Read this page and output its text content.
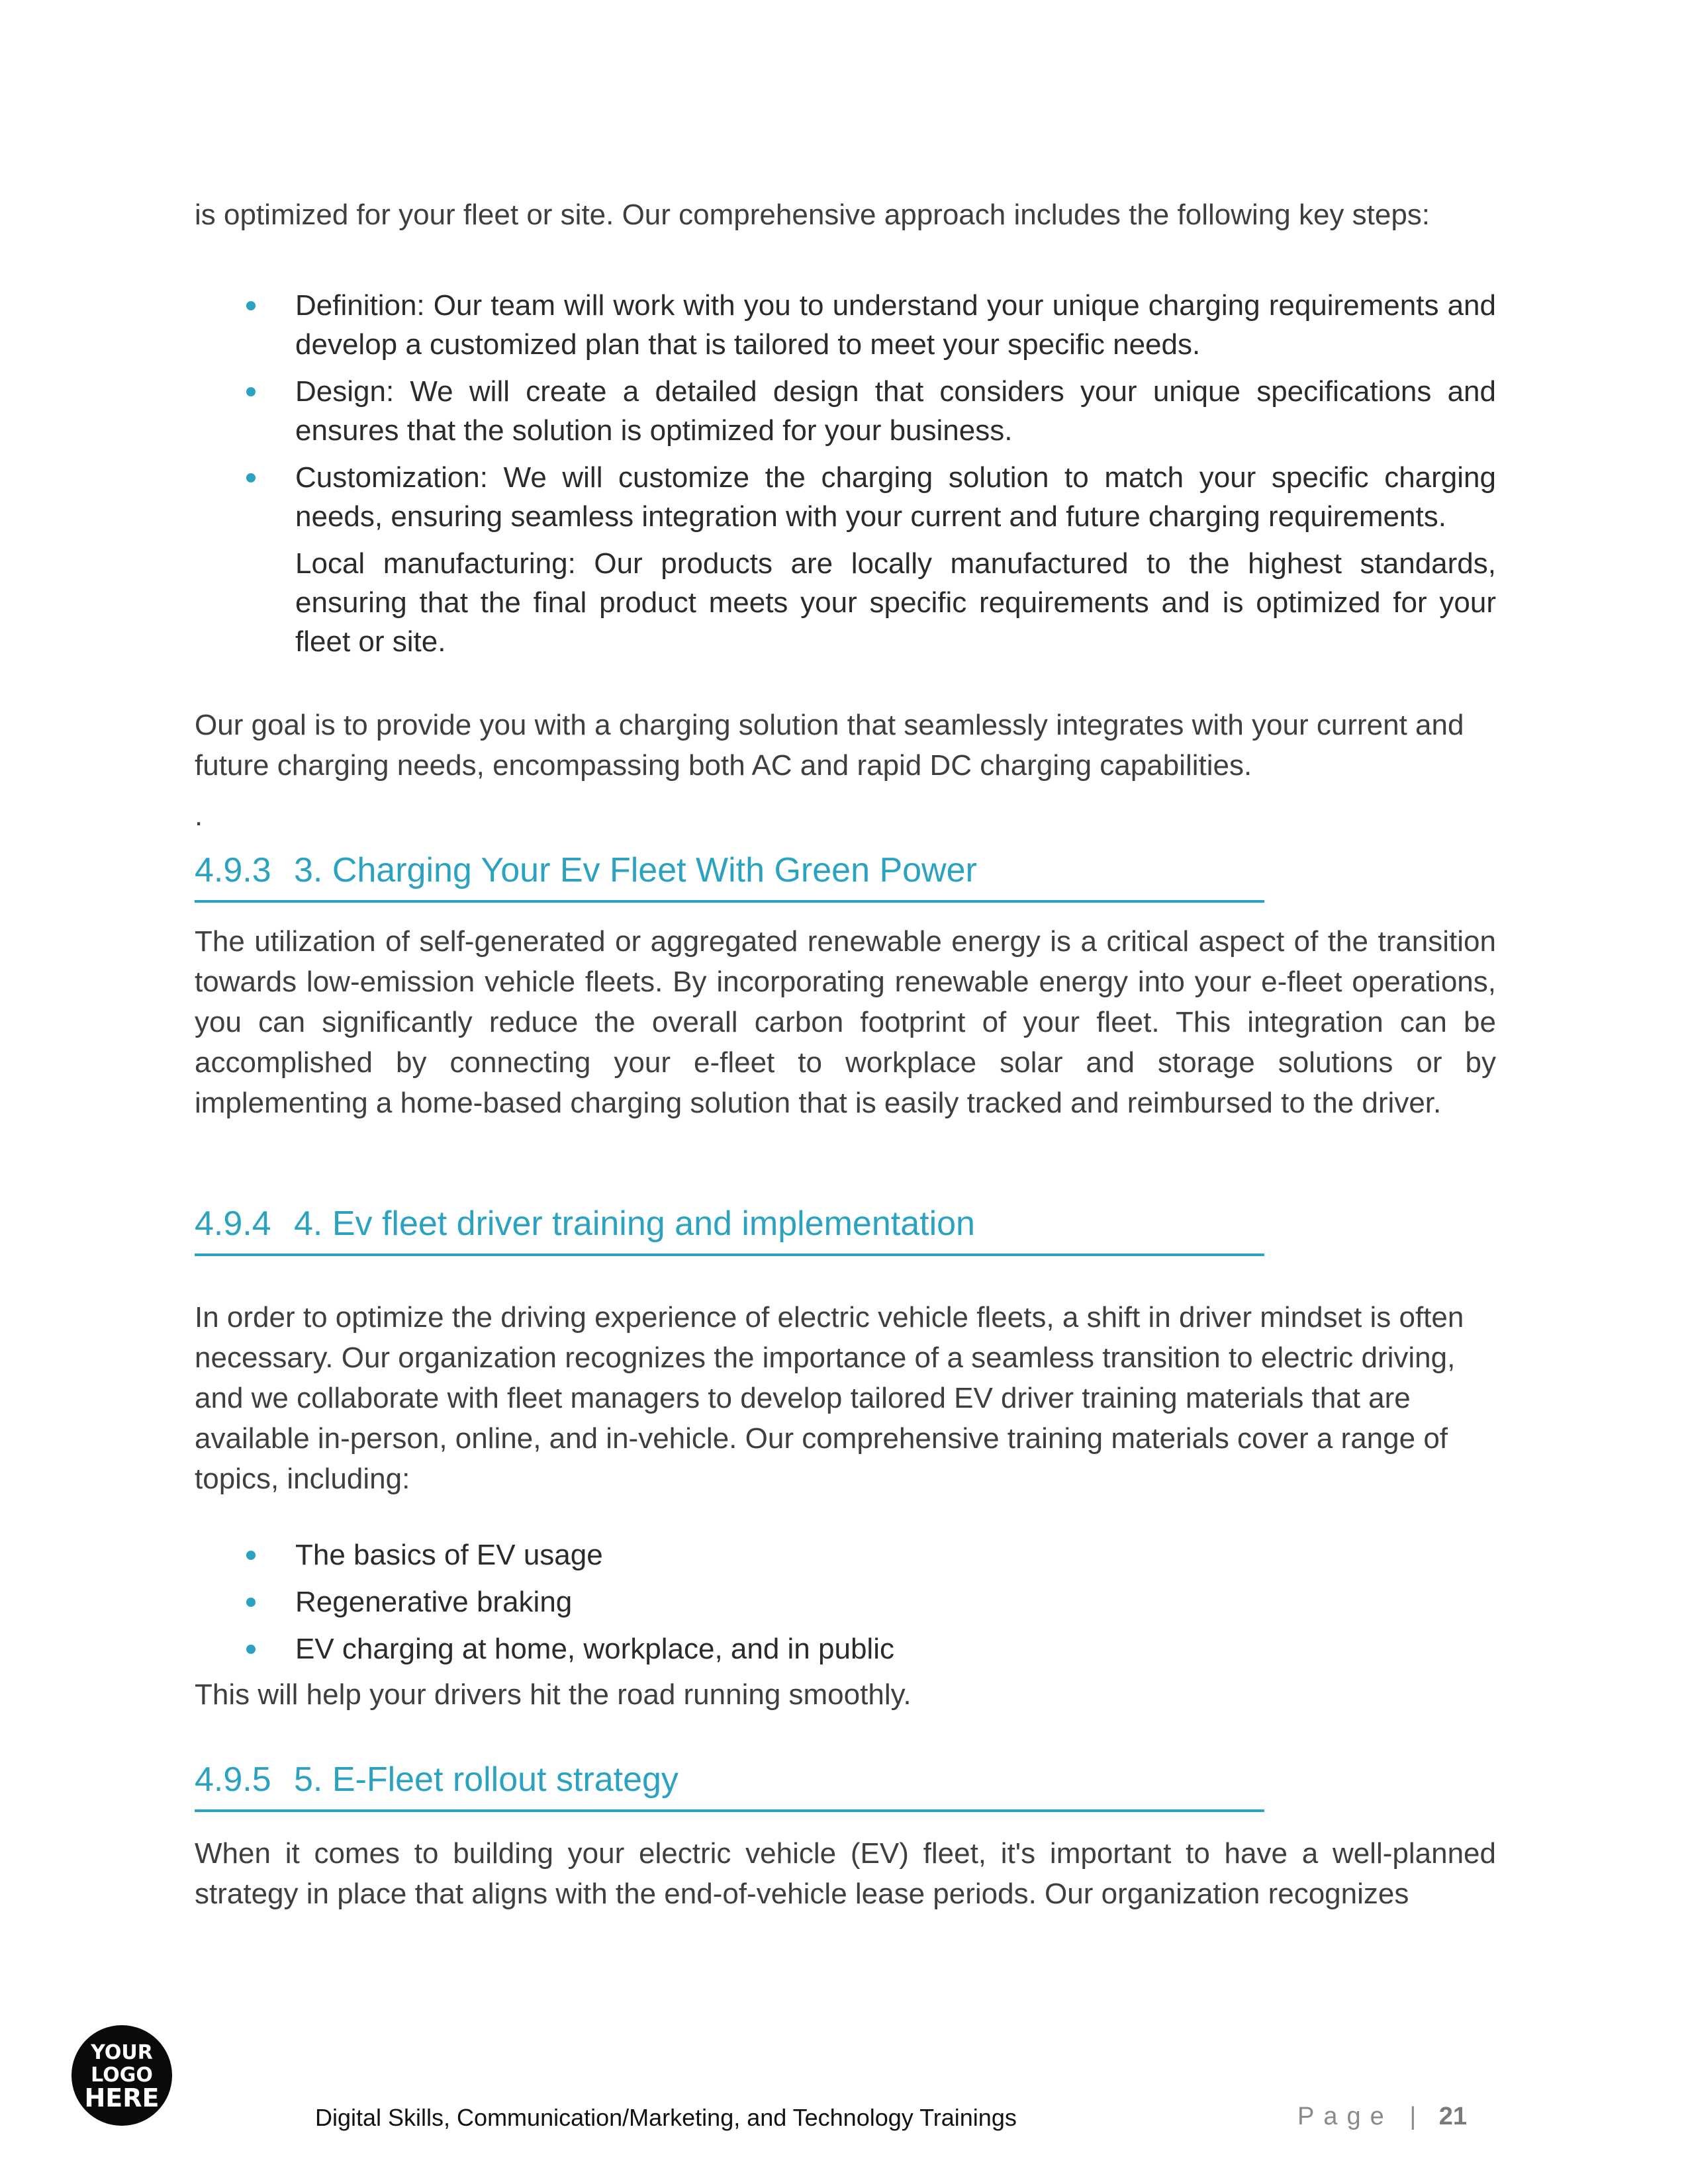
is optimized for your fleet or site. Our comprehensive approach includes the following key steps:

Definition: Our team will work with you to understand your unique charging requirements and develop a customized plan that is tailored to meet your specific needs.
Design: We will create a detailed design that considers your unique specifications and ensures that the solution is optimized for your business.
Customization: We will customize the charging solution to match your specific charging needs, ensuring seamless integration with your current and future charging requirements.
Local manufacturing: Our products are locally manufactured to the highest standards, ensuring that the final product meets your specific requirements and is optimized for your fleet or site.

Our goal is to provide you with a charging solution that seamlessly integrates with your current and future charging needs, encompassing both AC and rapid DC charging capabilities.

.

4.9.3 3. Charging Your Ev Fleet With Green Power

The utilization of self-generated or aggregated renewable energy is a critical aspect of the transition towards low-emission vehicle fleets. By incorporating renewable energy into your e-fleet operations, you can significantly reduce the overall carbon footprint of your fleet. This integration can be accomplished by connecting your e-fleet to workplace solar and storage solutions or by implementing a home-based charging solution that is easily tracked and reimbursed to the driver.

4.9.4 4. Ev fleet driver training and implementation

In order to optimize the driving experience of electric vehicle fleets, a shift in driver mindset is often necessary. Our organization recognizes the importance of a seamless transition to electric driving, and we collaborate with fleet managers to develop tailored EV driver training materials that are available in-person, online, and in-vehicle. Our comprehensive training materials cover a range of topics, including:

The basics of EV usage
Regenerative braking
EV charging at home, workplace, and in public

This will help your drivers hit the road running smoothly.

4.9.5 5. E-Fleet rollout strategy

When it comes to building your electric vehicle (EV) fleet, it's important to have a well-planned strategy in place that aligns with the end-of-vehicle lease periods. Our organization recognizes

YOUR
LOGO
HERE
Digital Skills, Communication/Marketing, and Technology Trainings	Page | 21
